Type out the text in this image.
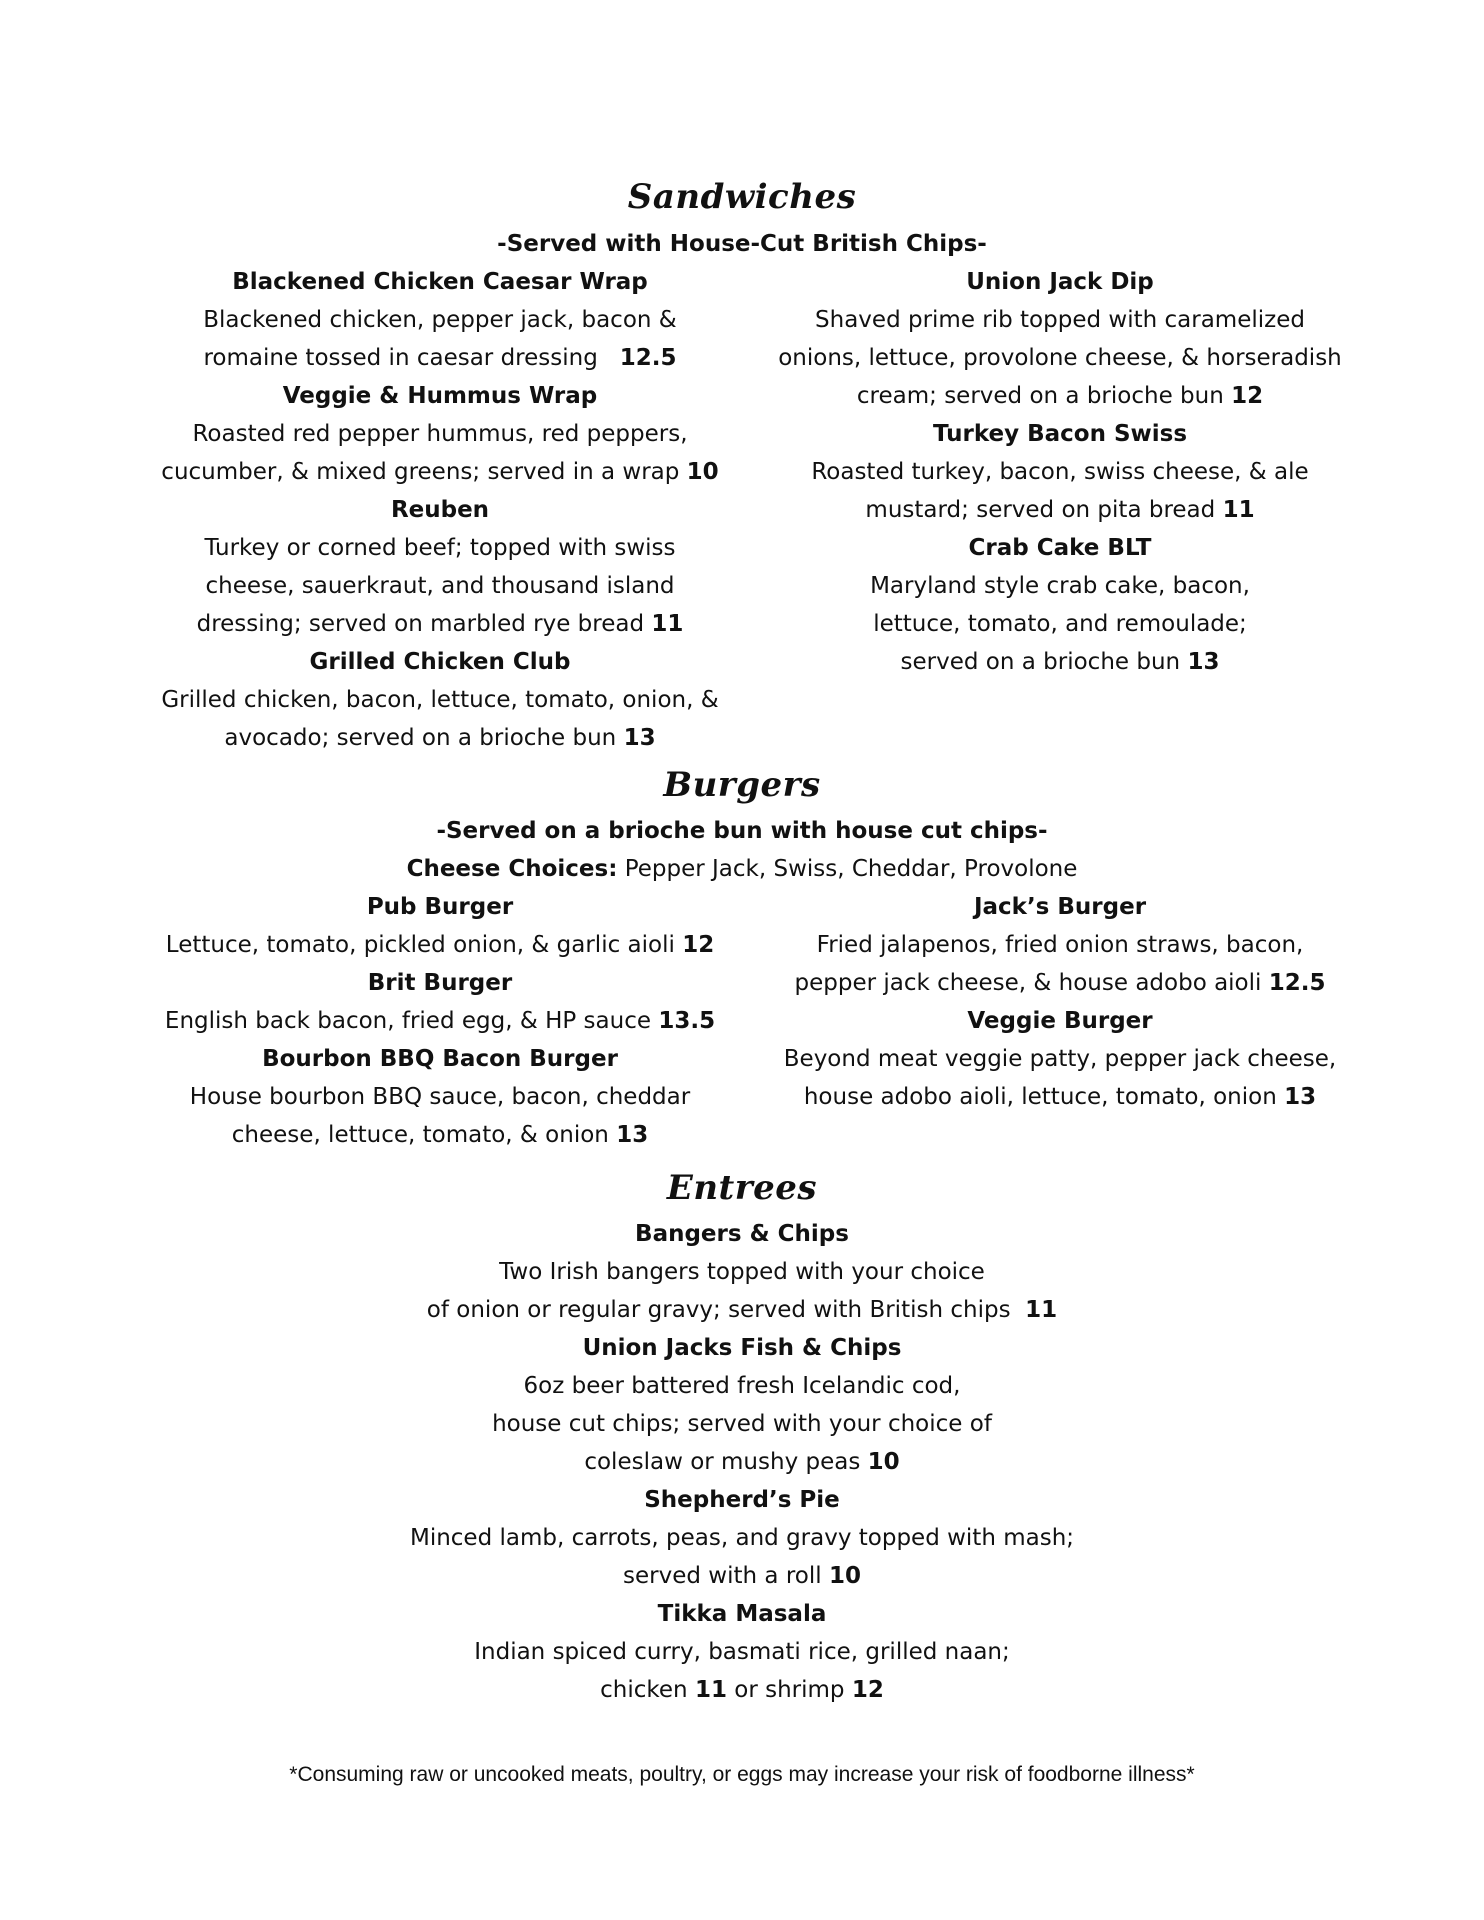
Sandwiches
-Served with House-Cut British Chips-
Blackened Chicken Caesar Wrap
Blackened chicken, pepper jack, bacon &
romaine tossed in caesar dressing 12.5
Veggie & Hummus Wrap
Roasted red pepper hummus, red peppers,
cucumber, & mixed greens; served in a wrap 10
Reuben
Turkey or corned beef; topped with swiss
cheese, sauerkraut, and thousand island
dressing; served on marbled rye bread 11
Grilled Chicken Club
Grilled chicken, bacon, lettuce, tomato, onion, &
avocado; served on a brioche bun 13
Union Jack Dip
Shaved prime rib topped with caramelized
onions, lettuce, provolone cheese, & horseradish
cream; served on a brioche bun 12
Turkey Bacon Swiss
Roasted turkey, bacon, swiss cheese, & ale
mustard; served on pita bread 11
Crab Cake BLT
Maryland style crab cake, bacon,
lettuce, tomato, and remoulade;
served on a brioche bun 13
Burgers
-Served on a brioche bun with house cut chips-
Cheese Choices: Pepper Jack, Swiss, Cheddar, Provolone
Pub Burger
Lettuce, tomato, pickled onion, & garlic aioli 12
Brit Burger
English back bacon, fried egg, & HP sauce 13.5
Bourbon BBQ Bacon Burger
House bourbon BBQ sauce, bacon, cheddar
cheese, lettuce, tomato, & onion 13
Jack’s Burger
Fried jalapenos, fried onion straws, bacon,
pepper jack cheese, & house adobo aioli 12.5
Veggie Burger
Beyond meat veggie patty, pepper jack cheese,
house adobo aioli, lettuce, tomato, onion 13
Entrees
Bangers & Chips
Two Irish bangers topped with your choice
of onion or regular gravy; served with British chips 11
Union Jacks Fish & Chips
6oz beer battered fresh Icelandic cod,
house cut chips; served with your choice of
coleslaw or mushy peas 10
Shepherd’s Pie
Minced lamb, carrots, peas, and gravy topped with mash;
served with a roll 10
Tikka Masala
Indian spiced curry, basmati rice, grilled naan;
chicken 11 or shrimp 12
*Consuming raw or uncooked meats, poultry, or eggs may increase your risk of foodborne illness*
